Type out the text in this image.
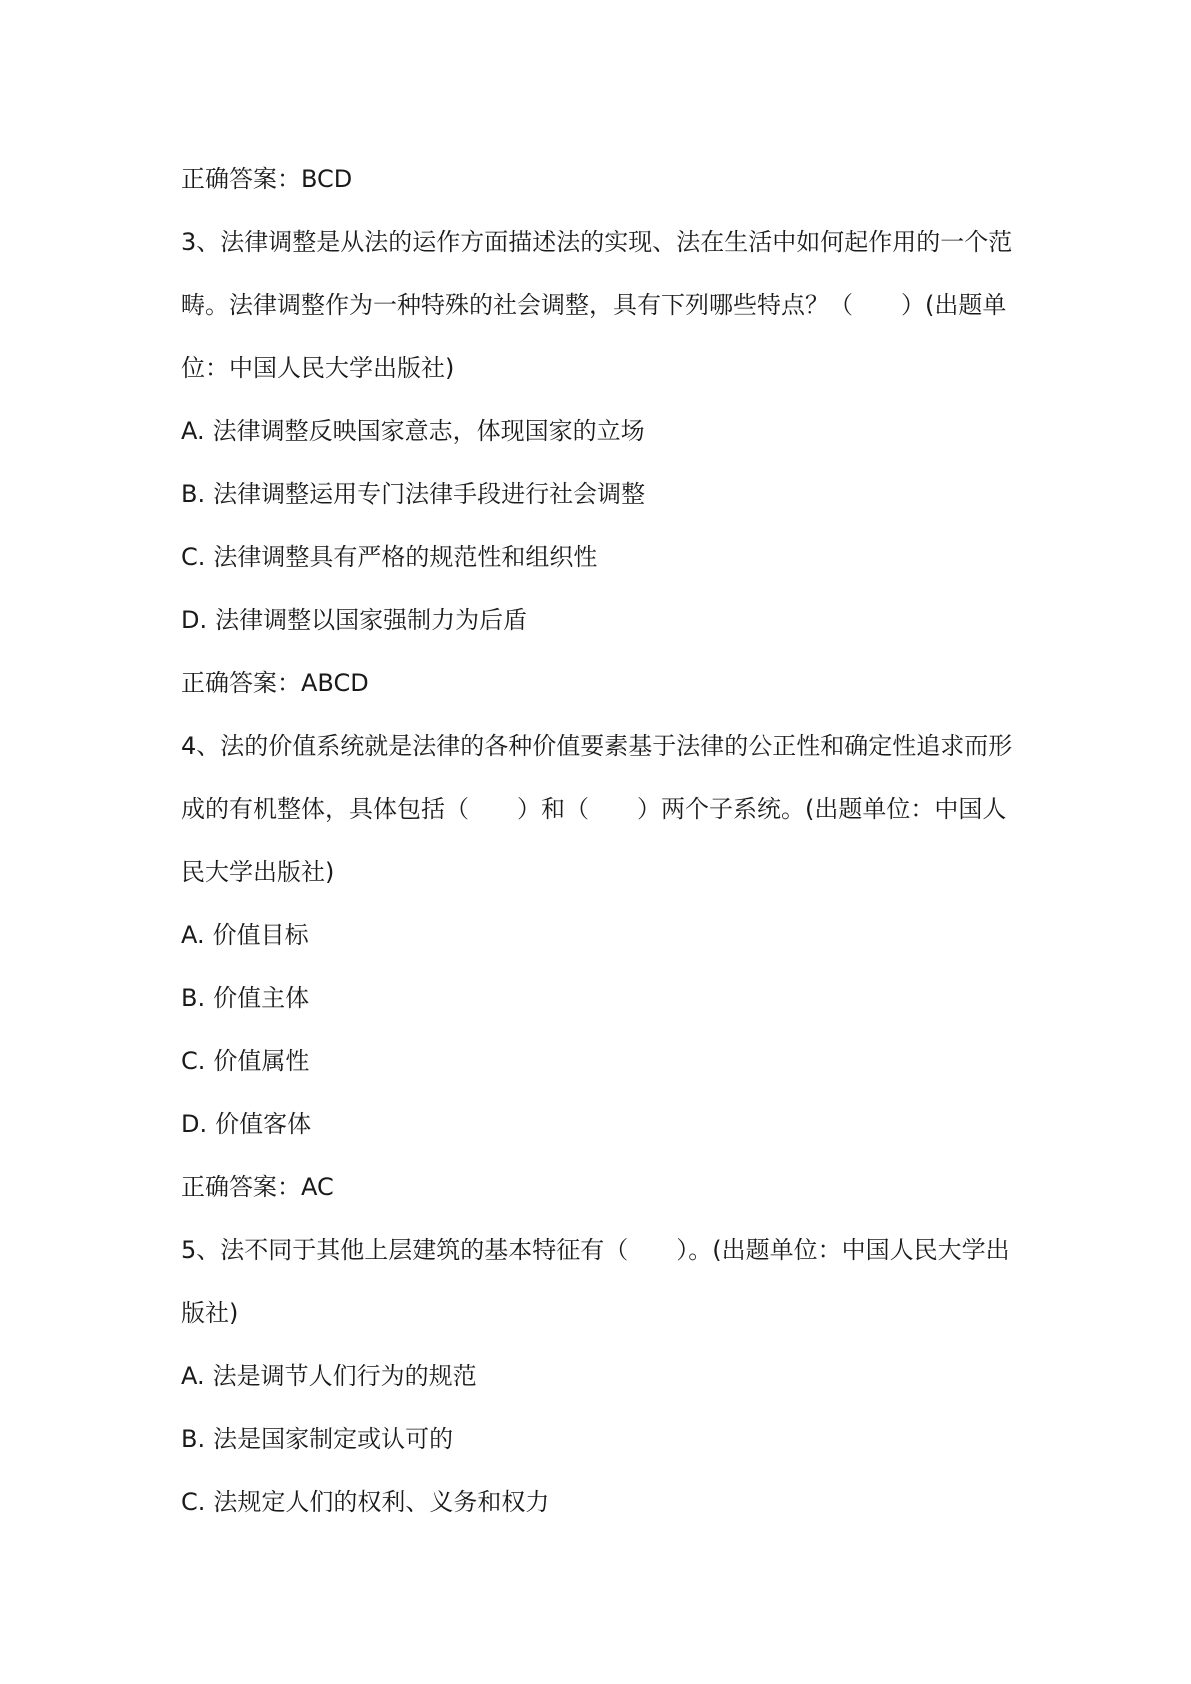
正确答案：BCD

3、法律调整是从法的运作方面描述法的实现、法在生活中如何起作用的一个范

畴。法律调整作为一种特殊的社会调整，具有下列哪些特点？（　　）(出题单

位：中国人民大学出版社)

A. 法律调整反映国家意志，体现国家的立场

B. 法律调整运用专门法律手段进行社会调整

C. 法律调整具有严格的规范性和组织性

D. 法律调整以国家强制力为后盾

正确答案：ABCD

4、法的价值系统就是法律的各种价值要素基于法律的公正性和确定性追求而形

成的有机整体，具体包括（　　）和（　　）两个子系统。(出题单位：中国人

民大学出版社)

A. 价值目标

B. 价值主体

C. 价值属性

D. 价值客体

正确答案：AC

5、法不同于其他上层建筑的基本特征有（　　）。(出题单位：中国人民大学出

版社)

A. 法是调节人们行为的规范

B. 法是国家制定或认可的

C. 法规定人们的权利、义务和权力
